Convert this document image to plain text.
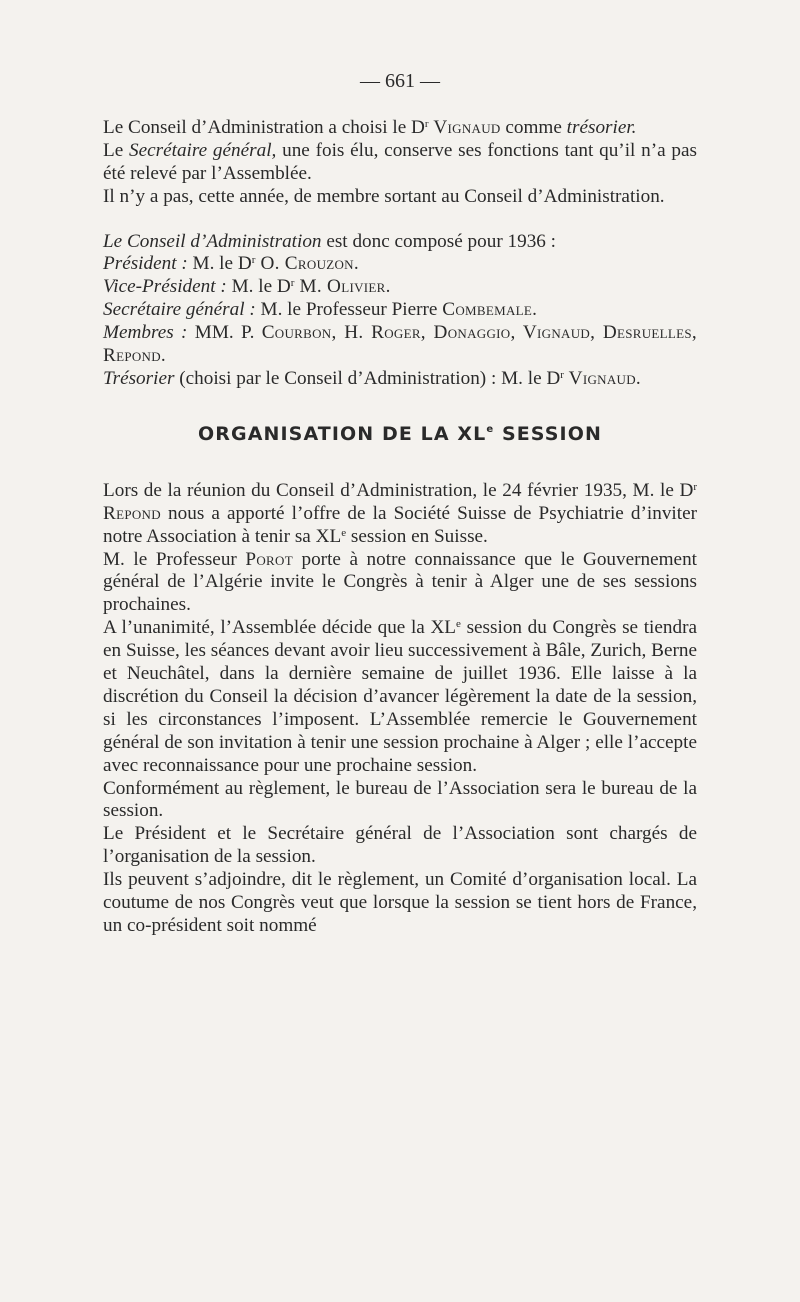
— 661 —

Le Conseil d’Administration a choisi le $D^r$ Vignaud comme trésorier.

Le Secrétaire général, une fois élu, conserve ses fonctions tant qu’il n’a pas été relevé par l’Assemblée.

Il n’y a pas, cette année, de membre sortant au Conseil d’Administration.

Le Conseil d’Administration est donc composé pour 1936 :

Président : M. le $D^r$ O. Crouzon.

Vice-Président : M. le $D^r$ M. Olivier.

Secrétaire général : M. le Professeur Pierre Combemale.

Membres : MM. P. Courbon, H. Roger, Donaggio, Vignaud, Desruelles, Repond.

Trésorier (choisi par le Conseil d’Administration) : M. le $D^r$ Vignaud.

ORGANISATION DE LA XLe SESSION

Lors de la réunion du Conseil d’Administration, le 24 février 1935, M. le $D^r$ Repond nous a apporté l’offre de la Société Suisse de Psychiatrie d’inviter notre Association à tenir sa XLe session en Suisse.

M. le Professeur Porot porte à notre connaissance que le Gouvernement général de l’Algérie invite le Congrès à tenir à Alger une de ses sessions prochaines.

A l’unanimité, l’Assemblée décide que la XLe session du Congrès se tiendra en Suisse, les séances devant avoir lieu successivement à Bâle, Zurich, Berne et Neuchâtel, dans la dernière semaine de juillet 1936. Elle laisse à la discrétion du Conseil la décision d’avancer légèrement la date de la session, si les circonstances l’imposent. L’Assemblée remercie le Gouvernement général de son invitation à tenir une session prochaine à Alger ; elle l’accepte avec reconnaissance pour une prochaine session.

Conformément au règlement, le bureau de l’Association sera le bureau de la session.

Le Président et le Secrétaire général de l’Association sont chargés de l’organisation de la session.

Ils peuvent s’adjoindre, dit le règlement, un Comité d’organisation local. La coutume de nos Congrès veut que lorsque la session se tient hors de France, un co-président soit nommé
